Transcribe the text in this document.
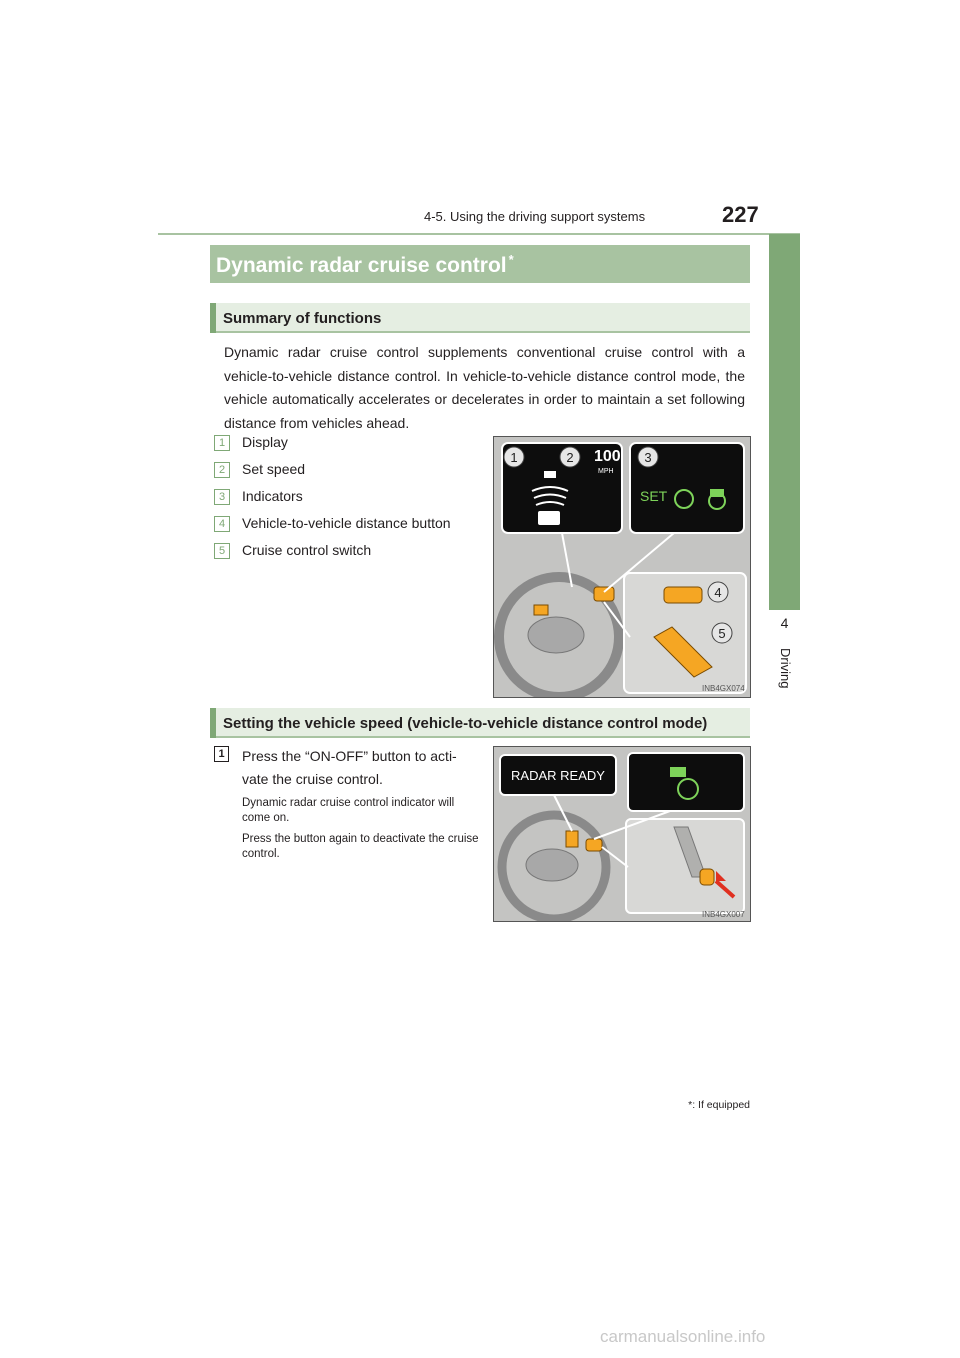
4-5. Using the driving support systems	227
4
Driving
Dynamic radar cruise control *
Summary of functions
Dynamic radar cruise control supplements conventional cruise control with a vehicle-to-vehicle distance control. In vehicle-to-vehicle distance control mode, the vehicle automatically accelerates or decelerates in order to maintain a set following distance from vehicles ahead.
1 Display
2 Set speed
3 Indicators
4 Vehicle-to-vehicle distance button
5 Cruise control switch
1	2	3
4
5
100
MPH
SET
INB4GX074
Setting the vehicle speed (vehicle-to-vehicle distance control mode)
1	Press the “ON-OFF” button to acti- vate the cruise control.
Dynamic radar cruise control indicator will come on.
Press the button again to deactivate the cruise control.
RADAR READY
INB4GX007
*: If equipped
carmanualsonline.info
